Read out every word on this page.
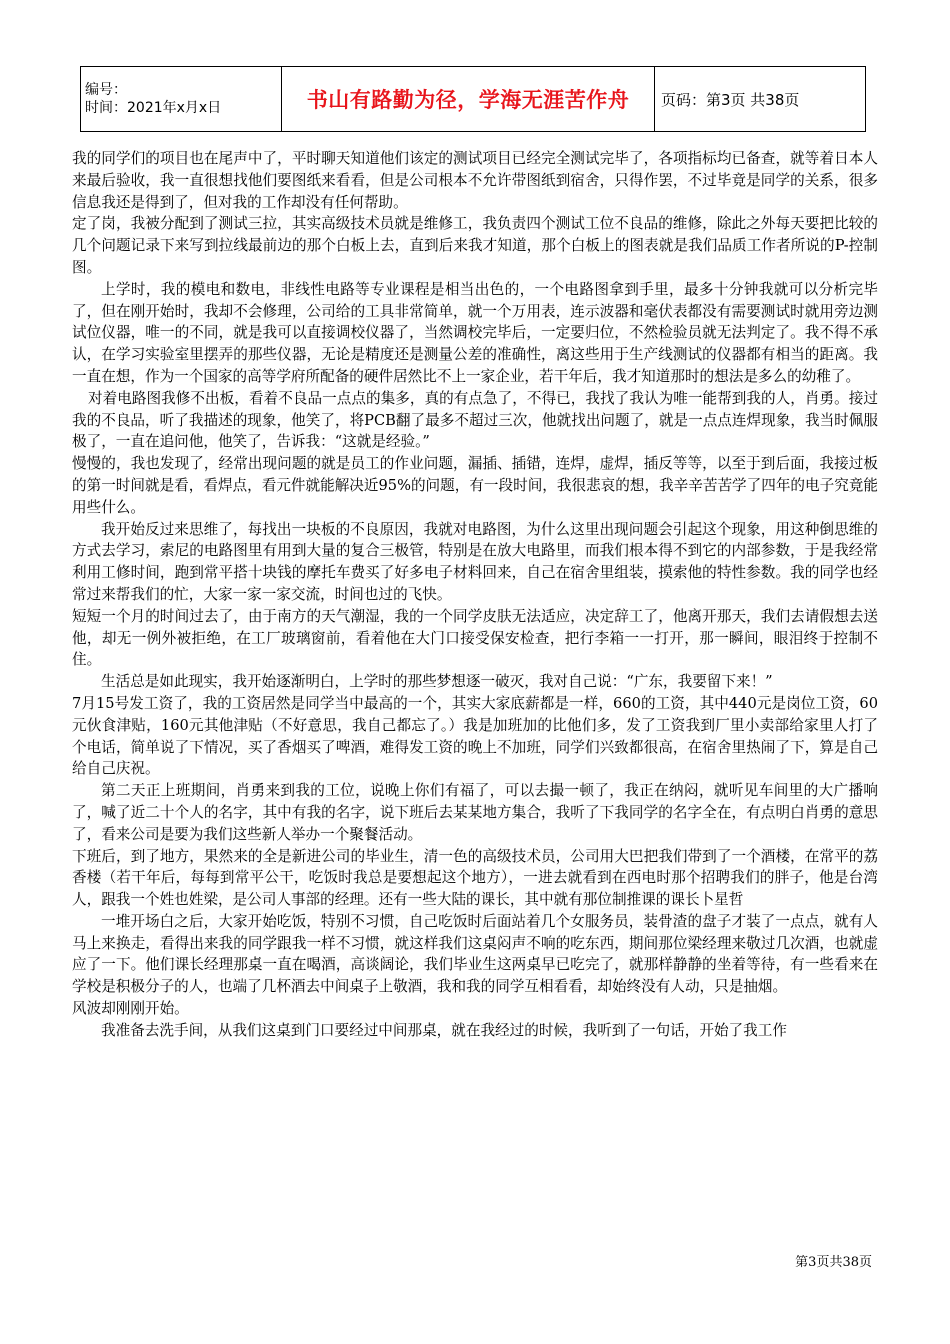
编号：
时间：2021年x月x日	书山有路勤为径，学海无涯苦作舟	页码：第3页 共38页

我的同学们的项目也在尾声中了，平时聊天知道他们该定的测试项目已经完全测试完毕了，各项指标均已备查，就等着日本人来最后验收，我一直很想找他们要图纸来看看，但是公司根本不允许带图纸到宿舍，只得作罢，不过毕竟是同学的关系，很多信息我还是得到了，但对我的工作却没有任何帮助。

定了岗，我被分配到了测试三拉，其实高级技术员就是维修工，我负责四个测试工位不良品的维修，除此之外每天要把比较的几个问题记录下来写到拉线最前边的那个白板上去，直到后来我才知道，那个白板上的图表就是我们品质工作者所说的P-控制图。

上学时，我的模电和数电，非线性电路等专业课程是相当出色的，一个电路图拿到手里，最多十分钟我就可以分析完毕了，但在刚开始时，我却不会修理，公司给的工具非常简单，就一个万用表，连示波器和毫伏表都没有需要测试时就用旁边测试位仪器，唯一的不同，就是我可以直接调校仪器了，当然调校完毕后，一定要归位，不然检验员就无法判定了。我不得不承认，在学习实验室里摆弄的那些仪器，无论是精度还是测量公差的准确性，离这些用于生产线测试的仪器都有相当的距离。我一直在想，作为一个国家的高等学府所配备的硬件居然比不上一家企业，若干年后，我才知道那时的想法是多么的幼稚了。

对着电路图我修不出板，看着不良品一点点的集多，真的有点急了，不得已，我找了我认为唯一能帮到我的人，肖勇。接过我的不良品，听了我描述的现象，他笑了，将PCB翻了最多不超过三次，他就找出问题了，就是一点点连焊现象，我当时佩服极了，一直在追问他，他笑了，告诉我：“这就是经验。”

慢慢的，我也发现了，经常出现问题的就是员工的作业问题，漏插、插错，连焊，虚焊，插反等等，以至于到后面，我接过板的第一时间就是看，看焊点，看元件就能解决近95%的问题，有一段时间，我很悲哀的想，我辛辛苦苦学了四年的电子究竟能用些什么。

我开始反过来思维了，每找出一块板的不良原因，我就对电路图，为什么这里出现问题会引起这个现象，用这种倒思维的方式去学习，索尼的电路图里有用到大量的复合三极管，特别是在放大电路里，而我们根本得不到它的内部参数，于是我经常利用工修时间，跑到常平搭十块钱的摩托车费买了好多电子材料回来，自己在宿舍里组装，摸索他的特性参数。我的同学也经常过来帮我们的忙，大家一家一家交流，时间也过的飞快。

短短一个月的时间过去了，由于南方的天气潮湿，我的一个同学皮肤无法适应，决定辞工了，他离开那天，我们去请假想去送他，却无一例外被拒绝，在工厂玻璃窗前，看着他在大门口接受保安检查，把行李箱一一打开，那一瞬间，眼泪终于控制不住。

生活总是如此现实，我开始逐渐明白，上学时的那些梦想逐一破灭，我对自己说：“广东，我要留下来！”

7月15号发工资了，我的工资居然是同学当中最高的一个，其实大家底薪都是一样，660的工资，其中440元是岗位工资，60元伙食津贴，160元其他津贴（不好意思，我自己都忘了。）我是加班加的比他们多，发了工资我到厂里小卖部给家里人打了个电话，简单说了下情况，买了香烟买了啤酒，难得发工资的晚上不加班，同学们兴致都很高，在宿舍里热闹了下，算是自己给自己庆祝。

第二天正上班期间，肖勇来到我的工位，说晚上你们有福了，可以去撮一顿了，我正在纳闷，就听见车间里的大广播响了，喊了近二十个人的名字，其中有我的名字，说下班后去某某地方集合，我听了下我同学的名字全在，有点明白肖勇的意思了，看来公司是要为我们这些新人举办一个聚餐活动。

下班后，到了地方，果然来的全是新进公司的毕业生，清一色的高级技术员，公司用大巴把我们带到了一个酒楼，在常平的荔香楼（若干年后，每每到常平公干，吃饭时我总是要想起这个地方），一进去就看到在西电时那个招聘我们的胖子，他是台湾人，跟我一个姓也姓梁，是公司人事部的经理。还有一些大陆的课长，其中就有那位制推课的课长卜星哲

一堆开场白之后，大家开始吃饭，特别不习惯，自己吃饭时后面站着几个女服务员，装骨渣的盘子才装了一点点，就有人马上来换走，看得出来我的同学跟我一样不习惯，就这样我们这桌闷声不响的吃东西，期间那位梁经理来敬过几次酒，也就虚应了一下。他们课长经理那桌一直在喝酒，高谈阔论，我们毕业生这两桌早已吃完了，就那样静静的坐着等待，有一些看来在学校是积极分子的人，也端了几杯酒去中间桌子上敬酒，我和我的同学互相看看，却始终没有人动，只是抽烟。

风波却刚刚开始。

我准备去洗手间，从我们这桌到门口要经过中间那桌，就在我经过的时候，我听到了一句话，开始了我工作

第3页共38页
